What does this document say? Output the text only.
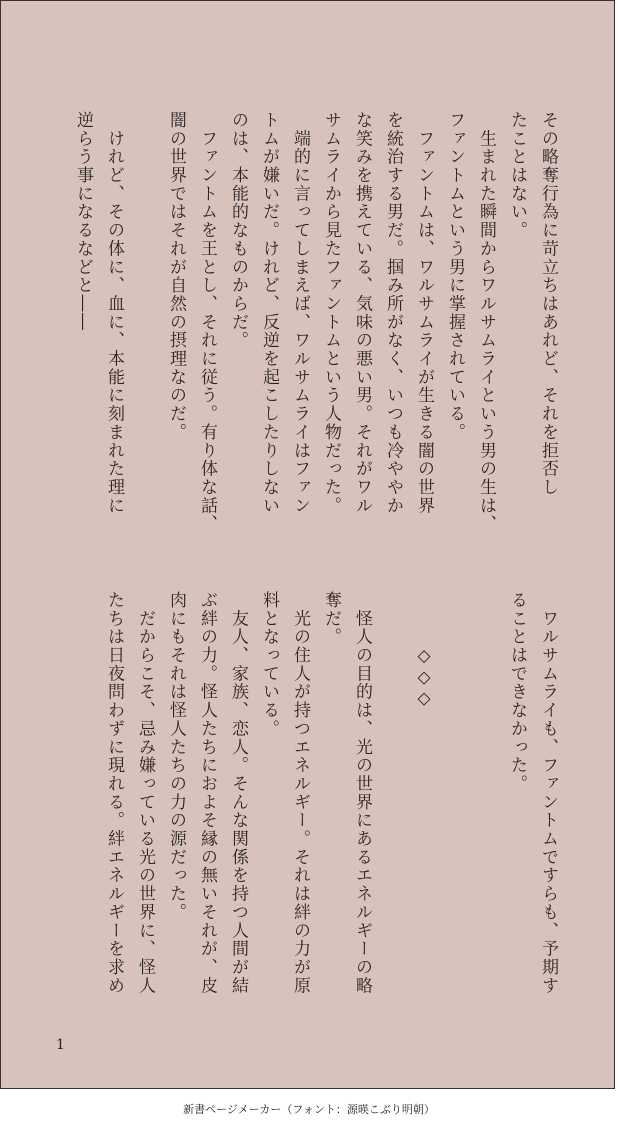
その略奪行為に苛立ちはあれど、それを拒否し
たことはない。
　生まれた瞬間からワルサムライという男の生は、
ファントムという男に掌握されている。
　ファントムは、ワルサムライが生きる闇の世界
を統治する男だ。掴み所がなく、いつも冷ややか
な笑みを携えている、気味の悪い男。それがワル
サムライから見たファントムという人物だった。
　端的に言ってしまえば、ワルサムライはファン
トムが嫌いだ。けれど、反逆を起こしたりしない
のは、本能的なものからだ。
　ファントムを王とし、それに従う。有り体な話、
闇の世界ではそれが自然の摂理なのだ。

　けれど、その体に、血に、本能に刻まれた理に
逆らう事になるなどと――
　ワルサムライも、ファントムですらも、予期す
ることはできなかった。

　　　◇◇◇

　怪人の目的は、光の世界にあるエネルギーの略
奪だ。
　光の住人が持つエネルギー。それは絆の力が原
料となっている。
　友人、家族、恋人。そんな関係を持つ人間が結
ぶ絆の力。怪人たちにおよそ縁の無いそれが、皮
肉にもそれは怪人たちの力の源だった。
　だからこそ、忌み嫌っている光の世界に、怪人
たちは日夜問わずに現れる。絆エネルギーを求め
1
新書ページメーカー（フォント：源暎こぶり明朝）
